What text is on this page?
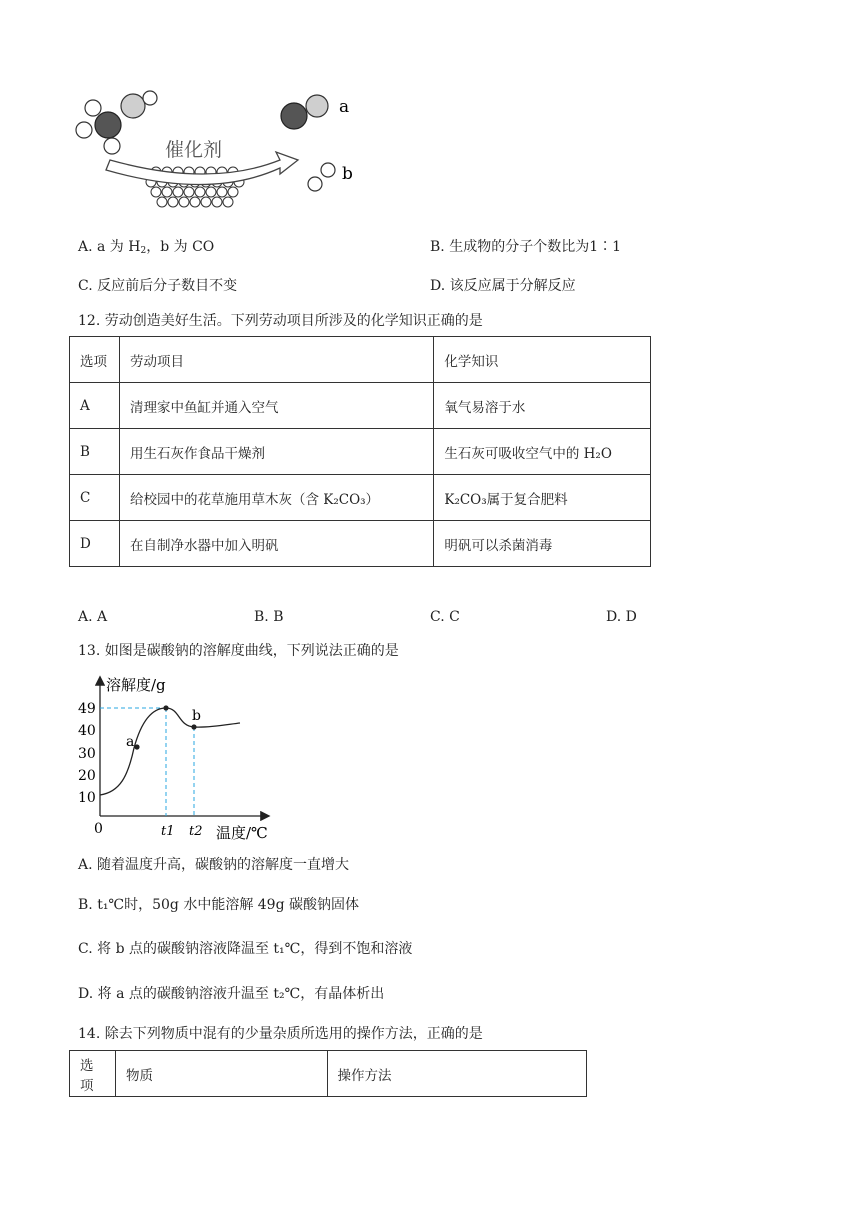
催化剂
a
b
A. a 为 $H_2$，b 为 CO	B. 生成物的分子个数比为1∶1
C. 反应前后分子数目不变	D. 该反应属于分解反应
12. 劳动创造美好生活。下列劳动项目所涉及的化学知识正确的是
选项	劳动项目	化学知识
A	清理家中鱼缸并通入空气	氧气易溶于水
B	用生石灰作食品干燥剂	生石灰可吸收空气中的 H₂O
C	给校园中的花草施用草木灰（含 K₂CO₃）	K₂CO₃属于复合肥料
D	在自制净水器中加入明矾	明矾可以杀菌消毒
A. A	B. B	C. C	D. D
13. 如图是碳酸钠的溶解度曲线，下列说法正确的是
溶解度/g
49
40
30
20
10
0
a
b
t1 t2 温度/℃
A. 随着温度升高，碳酸钠的溶解度一直增大
B. t₁℃时，50g 水中能溶解 49g 碳酸钠固体
C. 将 b 点的碳酸钠溶液降温至 t₁℃，得到不饱和溶液
D. 将 a 点的碳酸钠溶液升温至 t₂℃，有晶体析出
14. 除去下列物质中混有的少量杂质所选用的操作方法，正确的是
选项	物质	操作方法
